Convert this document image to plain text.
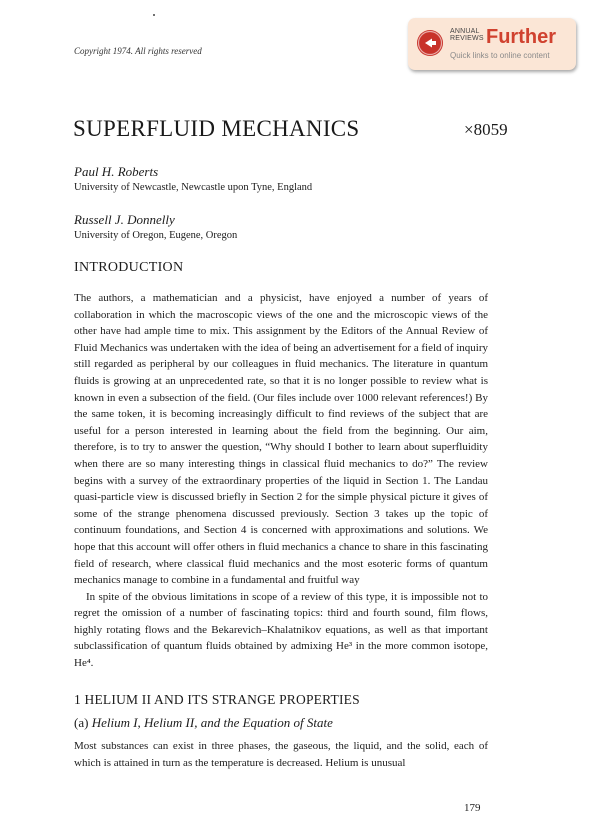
Copyright 1974. All rights reserved
ANNUAL REVIEWS Further
Quick links to online content
SUPERFLUID MECHANICS	×8059
Paul H. Roberts
University of Newcastle, Newcastle upon Tyne, England
Russell J. Donnelly
University of Oregon, Eugene, Oregon
INTRODUCTION

The authors, a mathematician and a physicist, have enjoyed a number of years of collaboration in which the macroscopic views of the one and the microscopic views of the other have had ample time to mix. This assignment by the Editors of the Annual Review of Fluid Mechanics was undertaken with the idea of being an advertisement for a field of inquiry still regarded as peripheral by our colleagues in fluid mechanics. The literature in quantum fluids is growing at an unprecedented rate, so that it is no longer possible to review what is known in even a subsection of the field. (Our files include over 1000 relevant references!) By the same token, it is becoming increasingly difficult to find reviews of the subject that are useful for a person interested in learning about the field from the beginning. Our aim, therefore, is to try to answer the question, “Why should I bother to learn about superfluidity when there are so many interesting things in classical fluid mechanics to do?” The review begins with a survey of the extraordinary properties of the liquid in Section 1. The Landau quasi-particle view is discussed briefly in Section 2 for the simple physical picture it gives of some of the strange phenomena discussed previously. Section 3 takes up the topic of continuum foundations, and Section 4 is concerned with approximations and solutions. We hope that this account will offer others in fluid mechanics a chance to share in this fascinating field of research, where classical fluid mechanics and the most esoteric forms of quantum mechanics manage to combine in a fundamental and fruitful way

In spite of the obvious limitations in scope of a review of this type, it is impossible not to regret the omission of a number of fascinating topics: third and fourth sound, film flows, highly rotating flows and the Bekarevich–Khalatnikov equations, as well as that important subclassification of quantum fluids obtained by admixing He³ in the more common isotope, He⁴.

1 HELIUM II AND ITS STRANGE PROPERTIES
(a) Helium I, Helium II, and the Equation of State

Most substances can exist in three phases, the gaseous, the liquid, and the solid, each of which is attained in turn as the temperature is decreased. Helium is unusual

179
